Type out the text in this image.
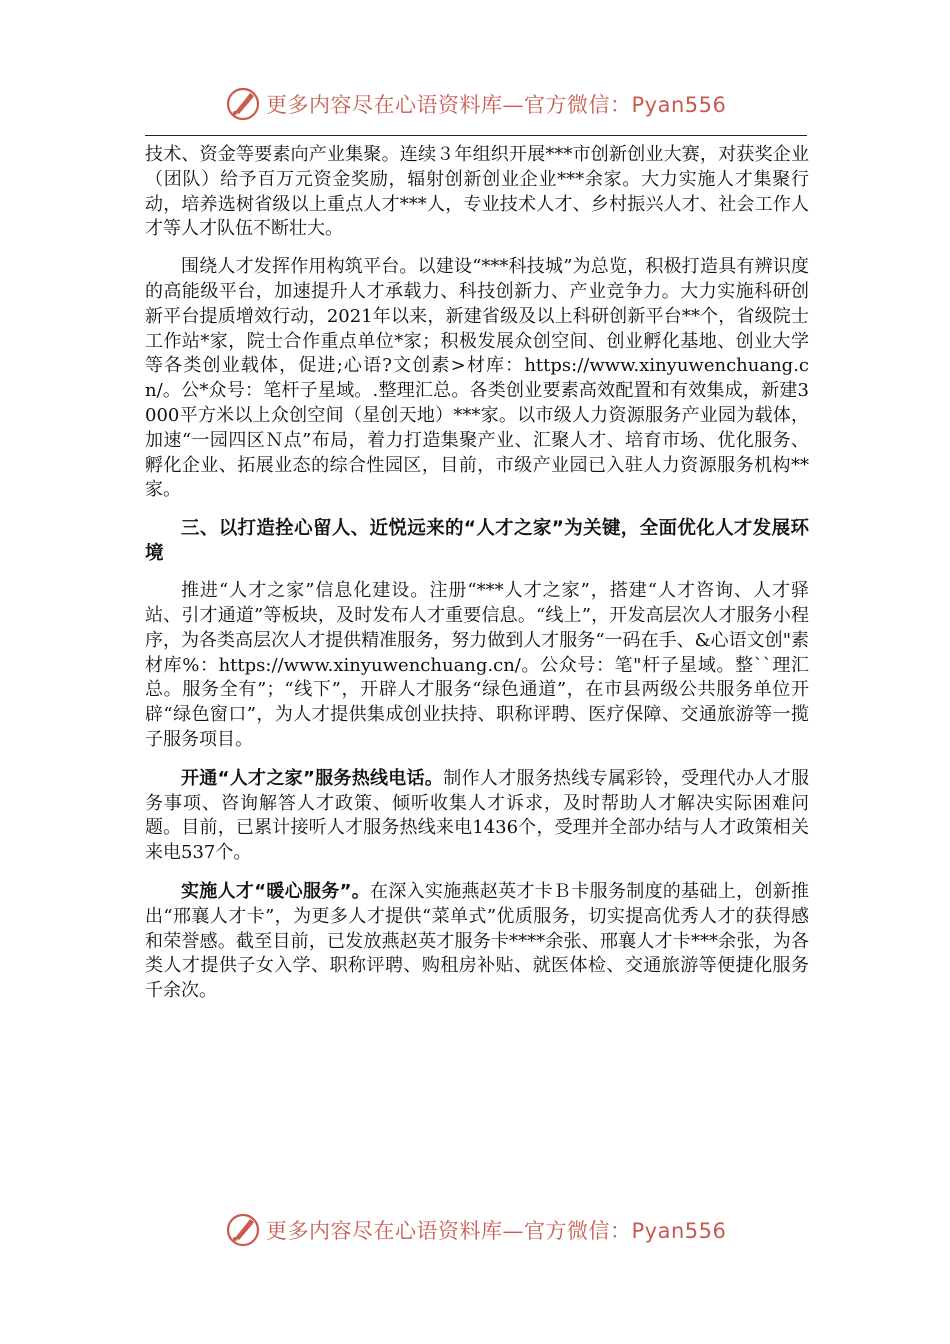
更多内容尽在心语资料库—官方微信：Pyan556

技术、资金等要素向产业集聚。连续３年组织开展***市创新创业大赛，对获奖企业（团队）给予百万元资金奖励，辐射创新创业企业***余家。大力实施人才集聚行动，培养选树省级以上重点人才***人，专业技术人才、乡村振兴人才、社会工作人才等人才队伍不断壮大。

围绕人才发挥作用构筑平台。以建设“***科技城”为总览，积极打造具有辨识度的高能级平台，加速提升人才承载力、科技创新力、产业竞争力。大力实施科研创新平台提质增效行动，2021年以来，新建省级及以上科研创新平台**个，省级院士工作站*家，院士合作重点单位*家；积极发展众创空间、创业孵化基地、创业大学等各类创业载体，促进;心语?文创素>材库：https://www.xinyuwenchuang.cn/。公*众号：笔杆子星域。.整理汇总。各类创业要素高效配置和有效集成，新建3000平方米以上众创空间（星创天地）***家。以市级人力资源服务产业园为载体，加速“一园四区Ｎ点”布局，着力打造集聚产业、汇聚人才、培育市场、优化服务、孵化企业、拓展业态的综合性园区，目前，市级产业园已入驻人力资源服务机构**家。

三、以打造拴心留人、近悦远来的“人才之家”为关键，全面优化人才发展环境

推进“人才之家”信息化建设。注册“***人才之家”，搭建“人才咨询、人才驿站、引才通道”等板块，及时发布人才重要信息。“线上”，开发高层次人才服务小程序，为各类高层次人才提供精准服务，努力做到人才服务“一码在手、&心语文创"素材库%：https://www.xinyuwenchuang.cn/。公众号：笔"杆子星域。整``理汇总。服务全有”；“线下”，开辟人才服务“绿色通道”，在市县两级公共服务单位开辟“绿色窗口”，为人才提供集成创业扶持、职称评聘、医疗保障、交通旅游等一揽子服务项目。

开通“人才之家”服务热线电话。制作人才服务热线专属彩铃，受理代办人才服务事项、咨询解答人才政策、倾听收集人才诉求，及时帮助人才解决实际困难问题。目前，已累计接听人才服务热线来电1436个，受理并全部办结与人才政策相关来电537个。

实施人才“暖心服务”。在深入实施燕赵英才卡Ｂ卡服务制度的基础上，创新推出“邢襄人才卡”，为更多人才提供“菜单式”优质服务，切实提高优秀人才的获得感和荣誉感。截至目前，已发放燕赵英才服务卡****余张、邢襄人才卡***余张，为各类人才提供子女入学、职称评聘、购租房补贴、就医体检、交通旅游等便捷化服务千余次。

更多内容尽在心语资料库—官方微信：Pyan556
